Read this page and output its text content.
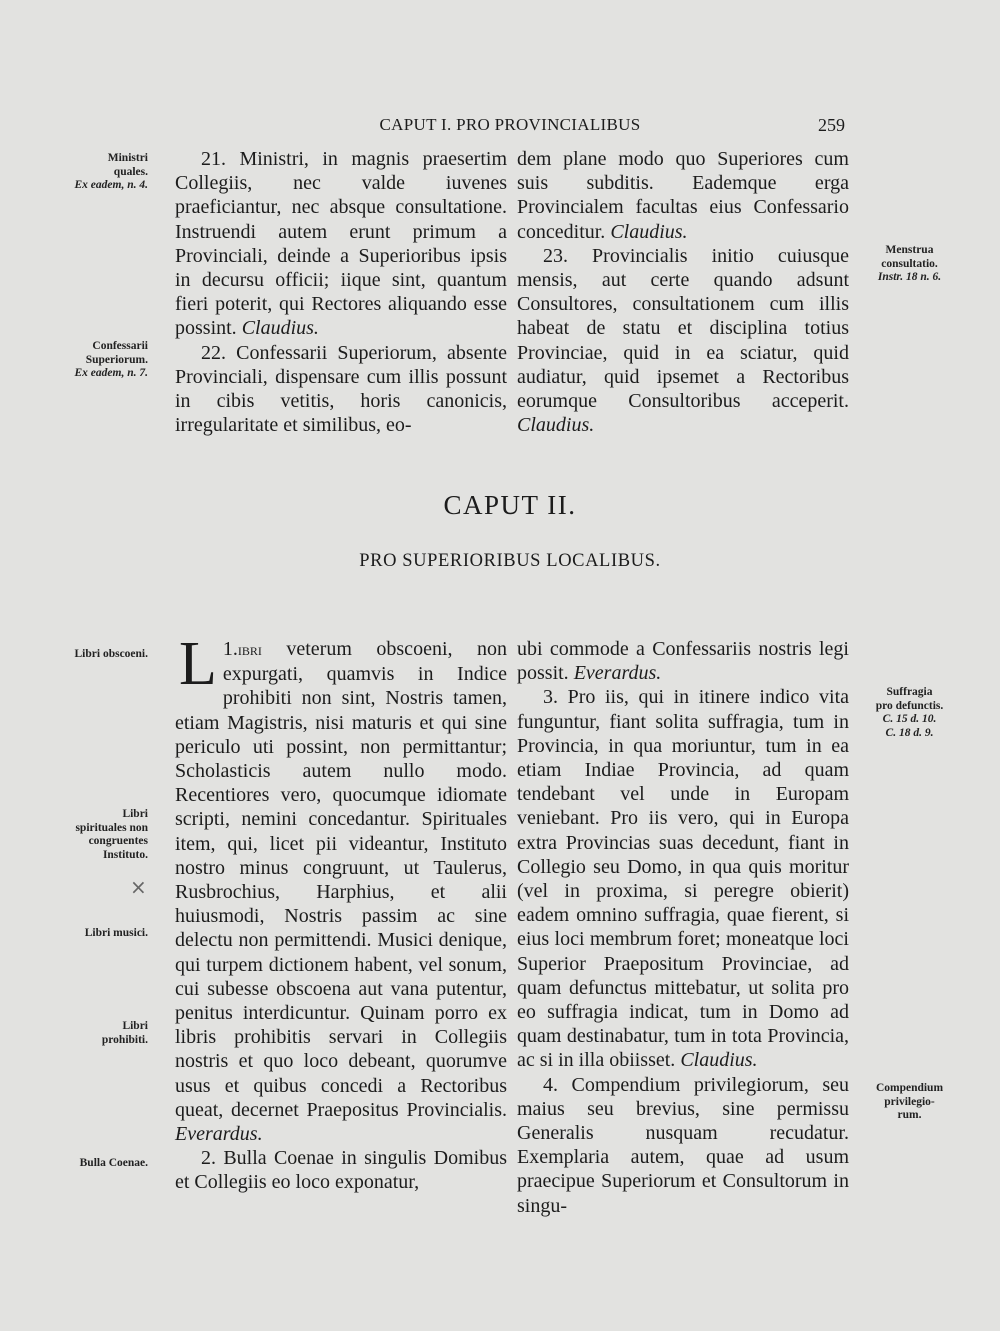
CAPUT I. PRO PROVINCIALIBUS	259

21. Ministri, in magnis praesertim Collegiis, nec valde iuvenes praeficiantur, nec absque consultatione. Instruendi autem erunt primum a Provinciali, deinde a Superioribus ipsis in decursu officii; iique sint, quantum fieri poterit, qui Rectores aliquando esse possint. Claudius.

22. Confessarii Superiorum, absente Provinciali, dispensare cum illis possunt in cibis vetitis, horis canonicis, irregularitate et similibus, eo-

dem plane modo quo Superiores cum suis subditis. Eademque erga Provincialem facultas eius Confessario conceditur. Claudius.

23. Provincialis initio cuiusque mensis, aut certe quando adsunt Consultores, consultationem cum illis habeat de statu et disciplina totius Provinciae, quid in ea sciatur, quid audiatur, quid ipsemet a Rectoribus eorumque Consultoribus acceperit. Claudius.

CAPUT II.
PRO SUPERIORIBUS LOCALIBUS.

1.
L ibri veterum obscoeni, non expurgati, quamvis in Indice prohibiti non sint, Nostris tamen, etiam Magistris, nisi maturis et qui sine periculo uti possint, non permittantur; Scholasticis autem nullo modo. Recentiores vero, quocumque idiomate scripti, nemini concedantur. Spirituales item, qui, licet pii videantur, Instituto nostro minus congruunt, ut Taulerus, Rusbrochius, Harphius, et alii huiusmodi, Nostris passim ac sine delectu non permittendi. Musici denique, qui turpem dictionem habent, vel sonum, cui subesse obscoena aut vana putentur, penitus interdicuntur. Quinam porro ex libris prohibitis servari in Collegiis nostris et quo loco debeant, quorumve usus et quibus concedi a Rectoribus queat, decernet Praepositus Provincialis. Everardus.

2. Bulla Coenae in singulis Domibus et Collegiis eo loco exponatur,

ubi commode a Confessariis nostris legi possit. Everardus.

3. Pro iis, qui in itinere indico vita funguntur, fiant solita suffragia, tum in Provincia, in qua moriuntur, tum in ea etiam Indiae Provincia, ad quam tendebant vel unde in Europam veniebant. Pro iis vero, qui in Europa extra Provincias suas decedunt, fiant in Collegio seu Domo, in qua quis moritur (vel in proxima, si peregre obierit) eadem omnino suffragia, quae fierent, si eius loci membrum foret; moneatque loci Superior Praepositum Provinciae, ad quam defunctus mittebatur, ut solita pro eo suffragia indicat, tum in Domo ad quam destinabatur, tum in tota Provincia, ac si in illa obiisset. Claudius.

4. Compendium privilegiorum, seu maius seu brevius, sine permissu Generalis nusquam recudatur. Exemplaria autem, quae ad usum praecipue Superiorum et Consultorum in singu-

Ministri
quales.
Ex eadem, n. 4.
Confessarii
Superiorum.
Ex eadem, n. 7.
Libri obscoeni.
Libri
spirituales non
congruentes
Instituto.
×
Libri musici.
Libri
prohibiti.
Bulla Coenae.
Menstrua
consultatio.
Instr. 18 n. 6.
Suffragia
pro defunctis.
C. 15 d. 10.
C. 18 d. 9.
Compendium
privilegio-
rum.
